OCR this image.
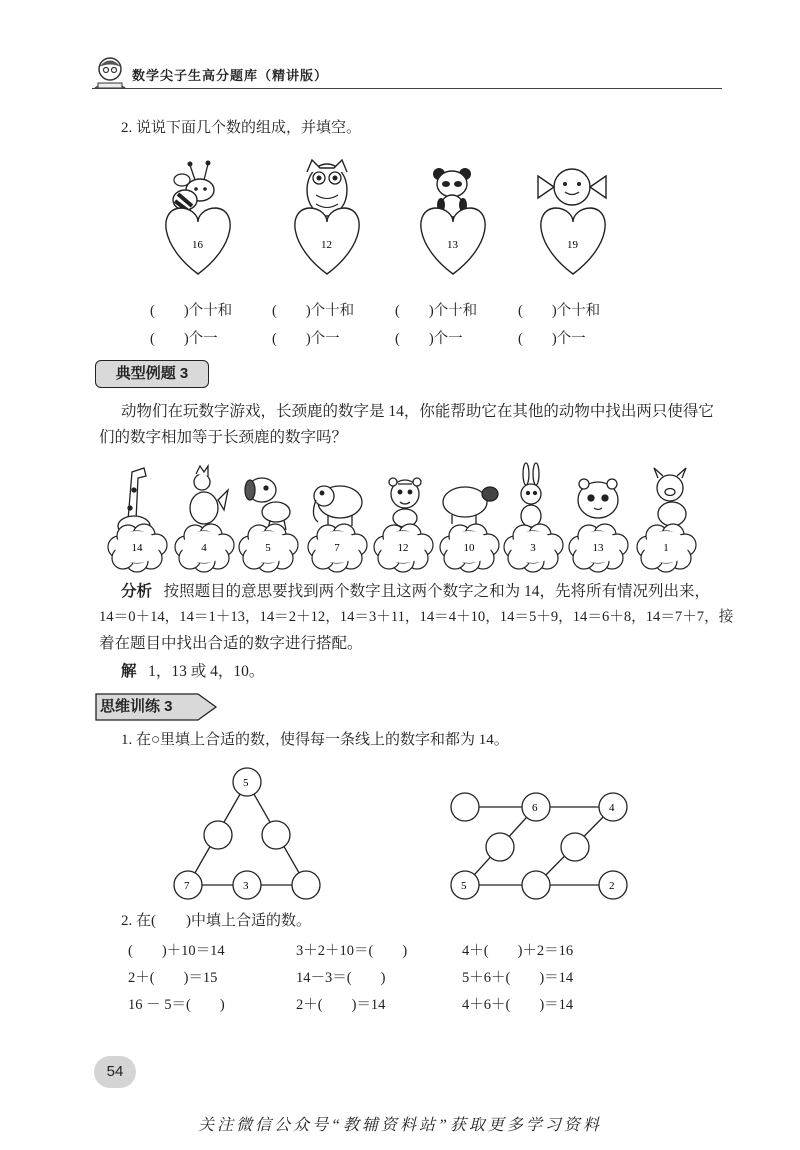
数学尖子生高分题库（精讲版）
2. 说说下面几个数的组成，并填空。
16	12	13	19
(　　)个十和	(　　)个十和	(　　)个十和	(　　)个十和
(　　)个一	(　　)个一	(　　)个一	(　　)个一
典型例题 3
动物们在玩数字游戏，长颈鹿的数字是 14，你能帮助它在其他的动物中找出两只使得它
们的数字相加等于长颈鹿的数字吗？
14	4	5	7	12	10	3	13	1
分析 按照题目的意思要找到两个数字且这两个数字之和为 14，先将所有情况列出来，
14＝0＋14，14＝1＋13，14＝2＋12，14＝3＋11，14＝4＋10，14＝5＋9，14＝6＋8，14＝7＋7，接
着在题目中找出合适的数字进行搭配。
解 1，13 或 4，10。
思维训练 3
1. 在○里填上合适的数，使得每一条线上的数字和都为 14。
5
7	3
6	4
5	2
2. 在(　　)中填上合适的数。
(　　)＋10＝14	3＋2＋10＝(　　)	4＋(　　)＋2＝16
2＋(　　)＝15	14－3＝(　　)	5＋6＋(　　)＝14
16 － 5＝(　　)	2＋(　　)＝14	4＋6＋(　　)＝14
54
关注微信公众号“教辅资料站”获取更多学习资料
